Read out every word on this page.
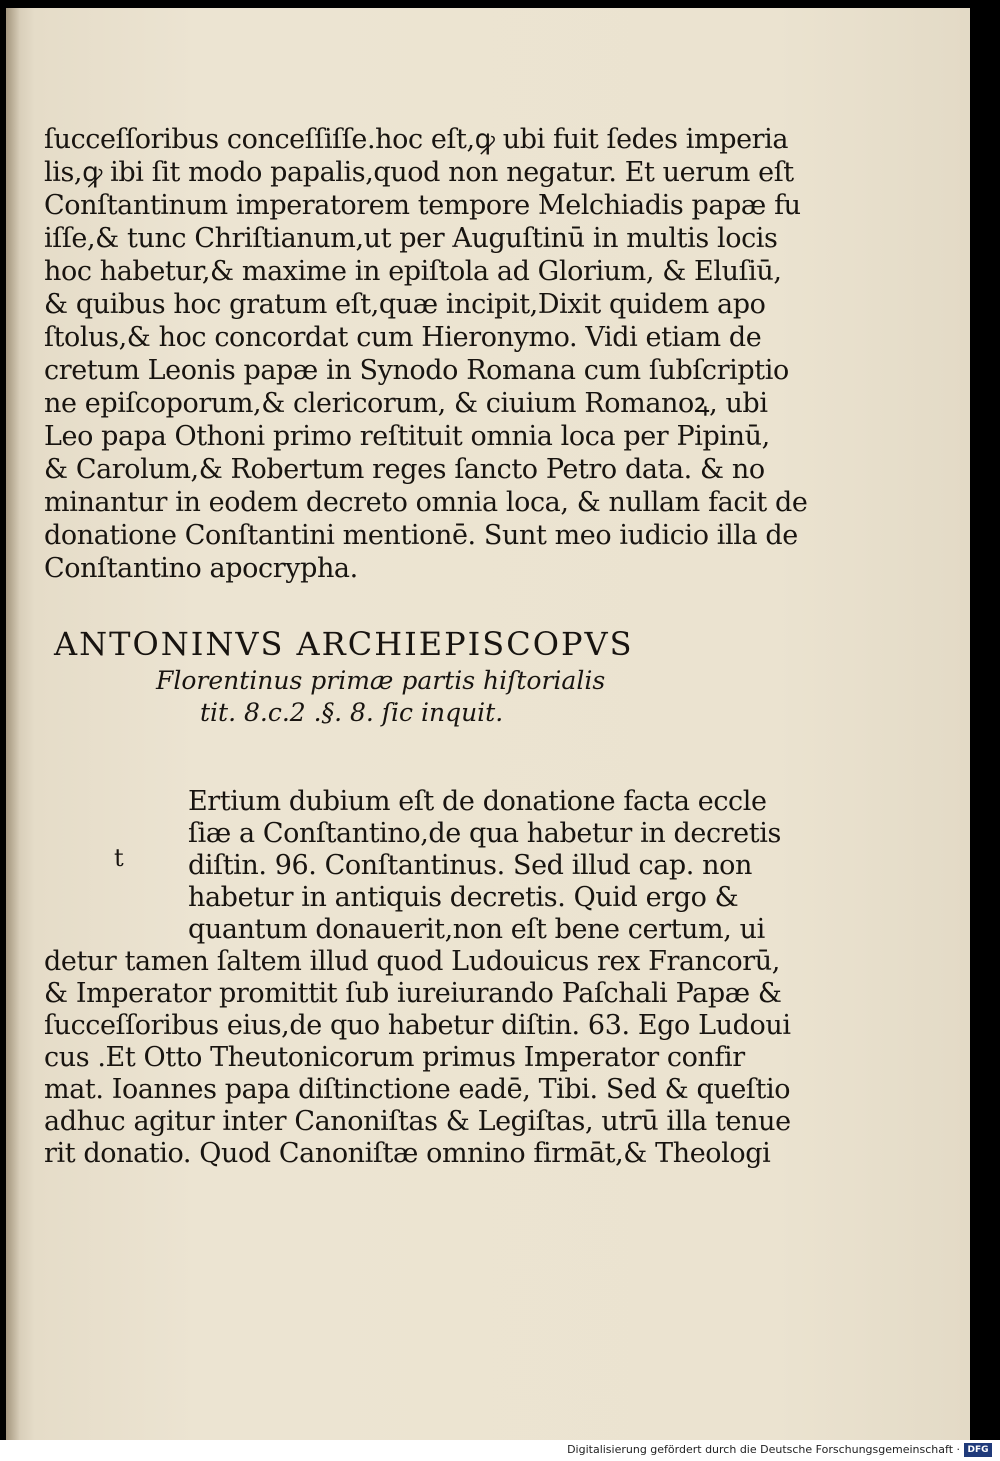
ſucceſſoribus conceſſiſſe.hoc eſt,ꝙ ubi fuit ſedes imperia
lis,ꝙ ibi ſit modo papalis,quod non negatur. Et uerum eſt
Conſtantinum imperatorem tempore Melchiadis papæ fu
iſſe,& tunc Chriſtianum,ut per Auguſtinū in multis locis
hoc habetur,& maxime in epiſtola ad Glorium, & Eluſiū,
& quibus hoc gratum eſt,quæ incipit,Dixit quidem apo
ſtolus,& hoc concordat cum Hieronymo. Vidi etiam de
cretum Leonis papæ in Synodo Romana cum ſubſcriptio
ne epiſcoporum,& clericorum, & ciuium Romanoꝝ, ubi
Leo papa Othoni primo reſtituit omnia loca per Pipinū,
& Carolum,& Robertum reges ſancto Petro data. & no
minantur in eodem decreto omnia loca, & nullam facit de
donatione Conſtantini mentionē. Sunt meo iudicio illa de
Conſtantino apocrypha.
ANTONINVS ARCHIEPISCOPVS
Florentinus primæ partis hiſtorialis
tit. 8.c.2 .§. 8. ſic inquit.
t
Ertium dubium eſt de donatione facta eccle
ſiæ a Conſtantino,de qua habetur in decretis
diſtin. 96. Conſtantinus. Sed illud cap. non
habetur in antiquis decretis. Quid ergo &
quantum donauerit,non eſt bene certum, ui
detur tamen ſaltem illud quod Ludouicus rex Francorū,
& Imperator promittit ſub iureiurando Paſchali Papæ &
ſucceſſoribus eius,de quo habetur diſtin. 63. Ego Ludoui
cus .Et Otto Theutonicorum primus Imperator confir
mat. Ioannes papa diſtinctione eadē, Tibi. Sed & queſtio
adhuc agitur inter Canoniſtas & Legiſtas, utrū illa tenue
rit donatio. Quod Canoniſtæ omnino firmāt,& Theologi
Digitalisierung gefördert durch die Deutsche Forschungsgemeinschaft · DFG
